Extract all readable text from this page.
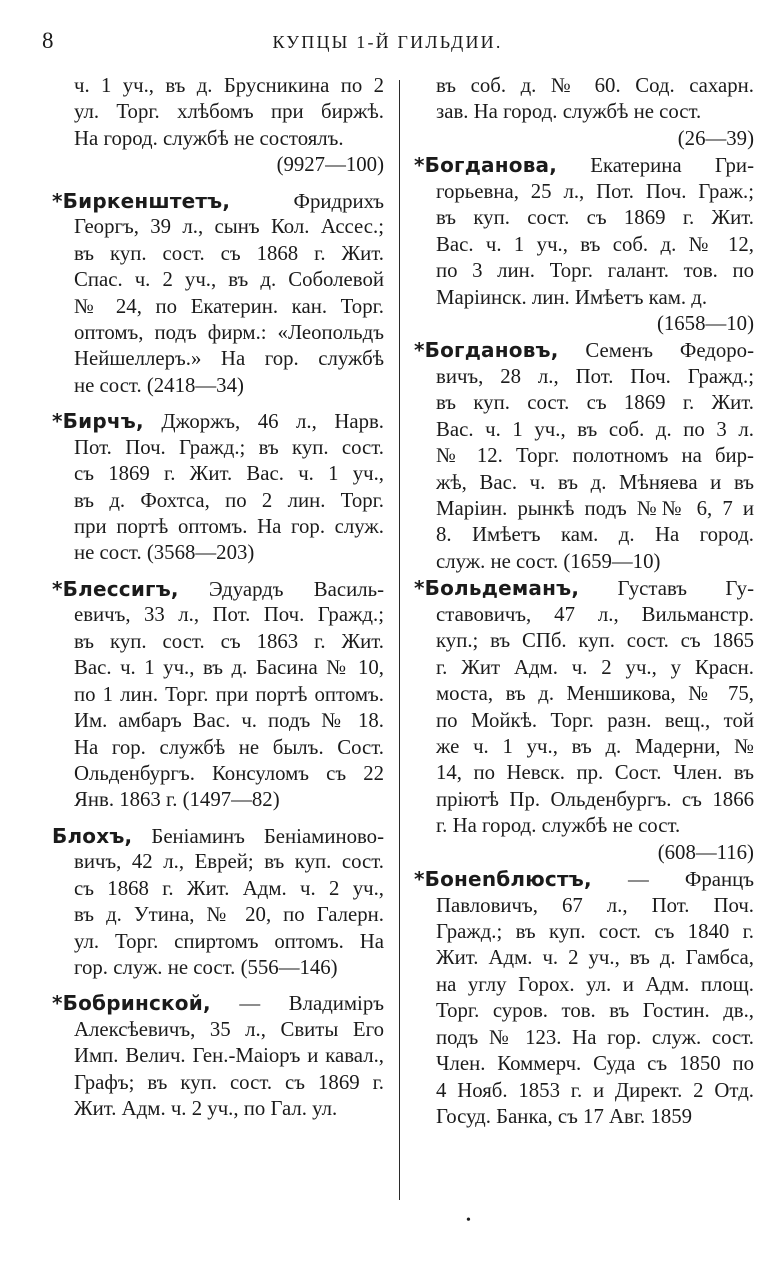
8	КУПЦЫ 1-Й ГИЛЬДИИ.
ч. 1 уч., въ д. Брусникина по 2
ул. Торг. хлѣбомъ при биржѣ.
На город. службѣ не состоялъ.
(9927—100)
*Биркенштетъ, Фридрихъ
Георгъ, 39 л., сынъ Кол. Ассес.;
въ куп. сост. съ 1868 г. Жит.
Спас. ч. 2 уч., въ д. Соболевой
№ 24, по Екатерин. кан. Торг.
оптомъ, подъ фирм.: «Леопольдъ
Нейшеллеръ.» На гор. службѣ
не сост. (2418—34)
*Бирчъ, Джоржъ, 46 л., Нарв.
Пот. Поч. Гражд.; въ куп. сост.
съ 1869 г. Жит. Вас. ч. 1 уч.,
въ д. Фохтса, по 2 лин. Торг.
при портѣ оптомъ. На гор. служ.
не сост. (3568—203)
*Блессигъ, Эдуардъ Василь-
евичъ, 33 л., Пот. Поч. Гражд.;
въ куп. сост. съ 1863 г. Жит.
Вас. ч. 1 уч., въ д. Басина № 10,
по 1 лин. Торг. при портѣ оптомъ.
Им. амбаръ Вас. ч. подъ № 18.
На гор. службѣ не былъ. Сост.
Ольденбургъ. Консуломъ съ 22
Янв. 1863 г. (1497—82)
Блохъ, Беніаминъ Беніаминово-
вичъ, 42 л., Еврей; въ куп. сост.
съ 1868 г. Жит. Адм. ч. 2 уч.,
въ д. Утина, № 20, по Галерн.
ул. Торг. спиртомъ оптомъ. На
гор. служ. не сост. (556—146)
*Бобринской, — Владиміръ
Алексѣевичъ, 35 л., Свиты Его
Имп. Велич. Ген.-Маіоръ и кавал.,
Графъ; въ куп. сост. съ 1869 г.
Жит. Адм. ч. 2 уч., по Гал. ул.
въ соб. д. № 60. Сод. сахарн.
зав. На город. службѣ не сост.
(26—39)
*Богданова, Екатерина Гри-
горьевна, 25 л., Пот. Поч. Граж.;
въ куп. сост. съ 1869 г. Жит.
Вас. ч. 1 уч., въ соб. д. № 12,
по 3 лин. Торг. галант. тов. по
Маріинск. лин. Имѣетъ кам. д.
(1658—10)
*Богдановъ, Семенъ Федоро-
вичъ, 28 л., Пот. Поч. Гражд.;
въ куп. сост. съ 1869 г. Жит.
Вас. ч. 1 уч., въ соб. д. по 3 л.
№ 12. Торг. полотномъ на бир-
жѣ, Вас. ч. въ д. Мѣняева и въ
Маріин. рынкѣ подъ №№ 6, 7 и
8. Имѣетъ кам. д. На город.
служ. не сост. (1659—10)
*Больдеманъ, Густавъ Гу-
ставовичъ, 47 л., Вильманстр.
куп.; въ СПб. куп. сост. съ 1865
г. Жит Адм. ч. 2 уч., у Красн.
моста, въ д. Меншикова, № 75,
по Мойкѣ. Торг. разн. вещ., той
же ч. 1 уч., въ д. Мадерни, №
14, по Невск. пр. Сост. Член. въ
пріютѣ Пр. Ольденбургъ. съ 1866
г. На город. службѣ не сост.
(608—116)
*Бонenблюстъ, — Францъ
Павловичъ, 67 л., Пот. Поч.
Гражд.; въ куп. сост. съ 1840 г.
Жит. Адм. ч. 2 уч., въ д. Гамбса,
на углу Горох. ул. и Адм. площ.
Торг. суров. тов. въ Гостин. дв.,
подъ № 123. На гор. служ. сост.
Член. Коммерч. Суда съ 1850 по
4 Нояб. 1853 г. и Директ. 2 Отд.
Госуд. Банка, съ 17 Авг. 1859
•
